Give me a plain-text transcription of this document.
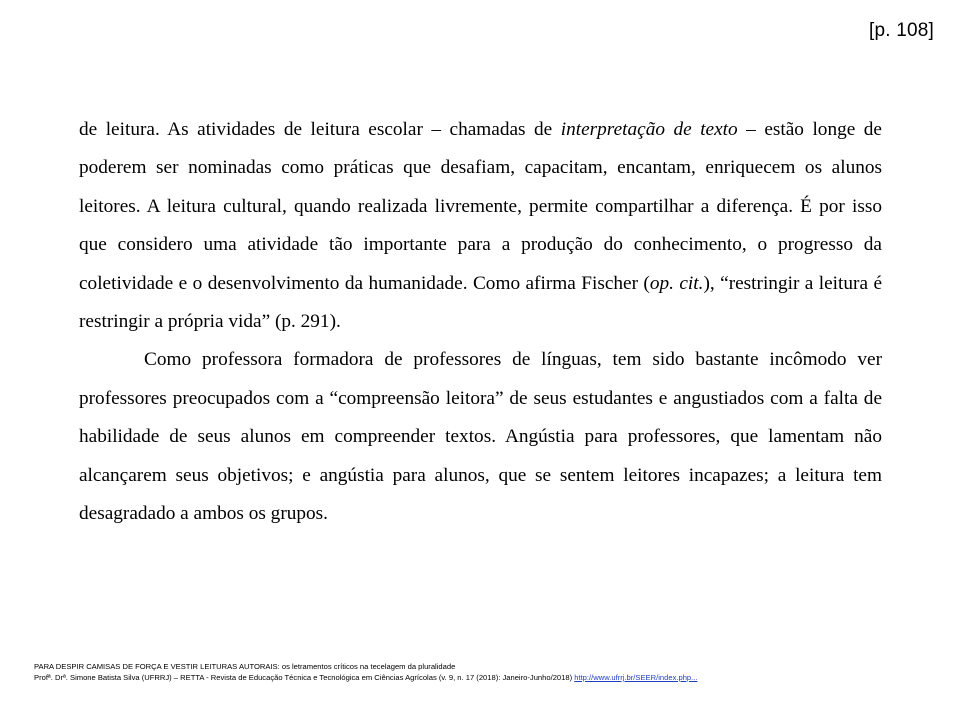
[p. 108]

de leitura. As atividades de leitura escolar – chamadas de interpretação de texto – estão longe de poderem ser nominadas como práticas que desafiam, capacitam, encantam, enriquecem os alunos leitores. A leitura cultural, quando realizada livremente, permite compartilhar a diferença. É por isso que considero uma atividade tão importante para a produção do conhecimento, o progresso da coletividade e o desenvolvimento da humanidade. Como afirma Fischer (op. cit.), “restringir a leitura é restringir a própria vida” (p. 291).

Como professora formadora de professores de línguas, tem sido bastante incômodo ver professores preocupados com a “compreensão leitora” de seus estudantes e angustiados com a falta de habilidade de seus alunos em compreender textos. Angústia para professores, que lamentam não alcançarem seus objetivos; e angústia para alunos, que se sentem leitores incapazes; a leitura tem desagradado a ambos os grupos.

PARA DESPIR CAMISAS DE FORÇA E VESTIR LEITURAS AUTORAIS: os letramentos críticos na tecelagem da pluralidade
Profª. Drª. Simone Batista Silva (UFRRJ) – RETTA - Revista de Educação Técnica e Tecnológica em Ciências Agrícolas (v. 9, n. 17 (2018): Janeiro-Junho/2018) http://www.ufrrj.br/SEER/index.php...
